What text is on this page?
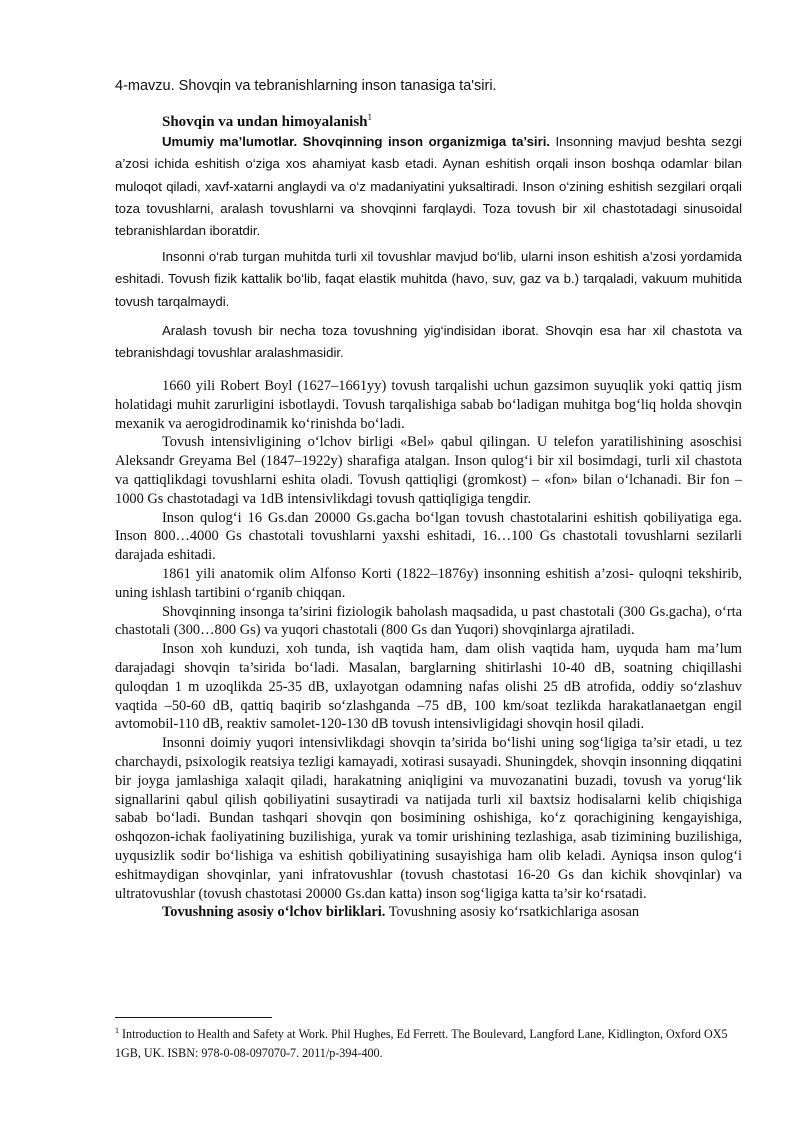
4-mavzu. Shovqin va tebranishlarning inson tanasiga ta'siri.
Shovqin va undan himoyalanish$^1$
Umumiy ma’lumotlar. Shovqinning inson organizmiga ta’siri. Insonning mavjud beshta sezgi a’zosi ichida eshitish o‘ziga xos ahamiyat kasb etadi. Aynan eshitish orqali inson boshqa odamlar bilan muloqot qiladi, xavf-xatarni anglaydi va o‘z madaniyatini yuksaltiradi. Inson o‘zining eshitish sezgilari orqali toza tovushlarni, aralash tovushlarni va shovqinni farqlaydi. Toza tovush bir xil chastotadagi sinusoidal tebranishlardan iboratdir.
Insonni o‘rab turgan muhitda turli xil tovushlar mavjud bo‘lib, ularni inson eshitish a’zosi yordamida eshitadi. Tovush fizik kattalik bo‘lib, faqat elastik muhitda (havo, suv, gaz va b.) tarqaladi, vakuum muhitida tovush tarqalmaydi.
Aralash tovush bir necha toza tovushning yig‘indisidan iborat. Shovqin esa har xil chastota va tebranishdagi tovushlar aralashmasidir.

1660 yili Robert Boyl (1627–1661yy) tovush tarqalishi uchun gazsimon suyuqlik yoki qattiq jism holatidagi muhit zarurligini isbotlaydi. Tovush tarqalishiga sabab bo‘ladigan muhitga bog‘liq holda shovqin mexanik va aerogidrodinamik ko‘rinishda bo‘ladi.

Tovush intensivligining o‘lchov birligi «Bel» qabul qilingan. U telefon yaratilishining asoschisi Aleksandr Greyama Bel (1847–1922y) sharafiga atalgan. Inson qulog‘i bir xil bosimdagi, turli xil chastota va qattiqlikdagi tovushlarni eshita oladi. Tovush qattiqligi (gromkost) – «fon» bilan o‘lchanadi. Bir fon – 1000 Gs chastotadagi va 1dB intensivlikdagi tovush qattiqligiga tengdir.

Inson qulog‘i 16 Gs.dan 20000 Gs.gacha bo‘lgan tovush chastotalarini eshitish qobiliyatiga ega. Inson 800…4000 Gs chastotali tovushlarni yaxshi eshitadi, 16…100 Gs chastotali tovushlarni sezilarli darajada eshitadi.

1861 yili anatomik olim Alfonso Korti (1822–1876y) insonning eshitish a’zosi- quloqni tekshirib, uning ishlash tartibini o‘rganib chiqqan.

Shovqinning insonga ta’sirini fiziologik baholash maqsadida, u past chastotali (300 Gs.gacha), o‘rta chastotali (300…800 Gs) va yuqori chastotali (800 Gs dan Yuqori) shovqinlarga ajratiladi.

Inson xoh kunduzi, xoh tunda, ish vaqtida ham, dam olish vaqtida ham, uyquda ham ma’lum darajadagi shovqin ta’sirida bo‘ladi. Masalan, barglarning shitirlashi 10-40 dB, soatning chiqillashi quloqdan 1 m uzoqlikda 25-35 dB, uxlayotgan odamning nafas olishi 25 dB atrofida, oddiy so‘zlashuv vaqtida –50-60 dB, qattiq baqirib so‘zlashganda –75 dB, 100 km/soat tezlikda harakatlanaetgan engil avtomobil-110 dB, reaktiv samolet-120-130 dB tovush intensivligidagi shovqin hosil qiladi.

Insonni doimiy yuqori intensivlikdagi shovqin ta’sirida bo‘lishi uning sog‘ligiga ta’sir etadi, u tez charchaydi, psixologik reatsiya tezligi kamayadi, xotirasi susayadi. Shuningdek, shovqin insonning diqqatini bir joyga jamlashiga xalaqit qiladi, harakatning aniqligini va muvozanatini buzadi, tovush va yorug‘lik signallarini qabul qilish qobiliyatini susaytiradi va natijada turli xil baxtsiz hodisalarni kelib chiqishiga sabab bo‘ladi. Bundan tashqari shovqin qon bosimining oshishiga, ko‘z qorachigining kengayishiga, oshqozon-ichak faoliyatining buzilishiga, yurak va tomir urishining tezlashiga, asab tizimining buzilishiga, uyqusizlik sodir bo‘lishiga va eshitish qobiliyatining susayishiga ham olib keladi. Ayniqsa inson qulog‘i eshitmaydigan shovqinlar, yani infratovushlar (tovush chastotasi 16-20 Gs dan kichik shovqinlar) va ultratovushlar (tovush chastotasi 20000 Gs.dan katta) inson sog‘ligiga katta ta’sir ko‘rsatadi.

Tovushning asosiy o‘lchov birliklari. Tovushning asosiy ko‘rsatkichlariga asosan

$^1$ Introduction to Health and Safety at Work. Phil Hughes, Ed Ferrett. The Boulevard, Langford Lane, Kidlington, Oxford OX5 1GB, UK. ISBN: 978-0-08-097070-7. 2011/p-394-400.
